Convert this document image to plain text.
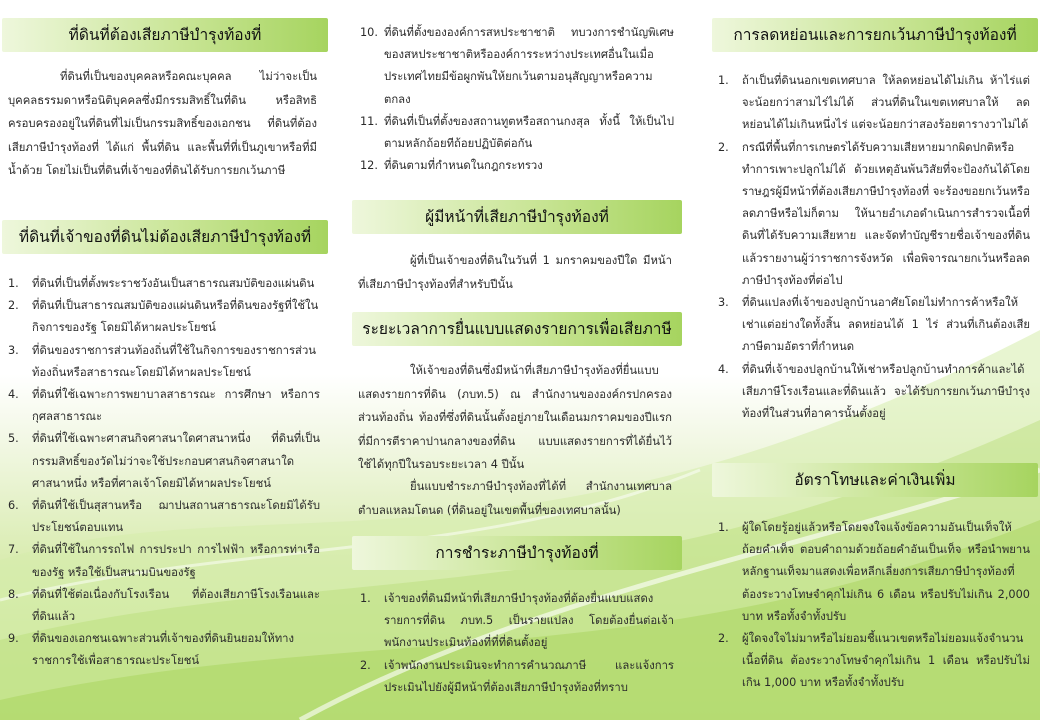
ที่ดินที่ต้องเสียภาษีบำรุงท้องที่
ที่ดินที่เป็นของบุคคลหรือคณะบุคคล ไม่ว่าจะเป็นบุคคลธรรมดาหรือนิติบุคคลซึ่งมีกรรมสิทธิ์ในที่ดิน หรือสิทธิครอบครองอยู่ในที่ดินที่ไม่เป็นกรรมสิทธิ์ของเอกชน ที่ดินที่ต้องเสียภาษีบำรุงท้องที่ ได้แก่ พื้นที่ดิน และพื้นที่ที่เป็นภูเขาหรือที่มีน้ำด้วย โดยไม่เป็นที่ดินที่เจ้าของที่ดินได้รับการยกเว้นภาษี
ที่ดินที่เจ้าของที่ดินไม่ต้องเสียภาษีบำรุงท้องที่
1. ที่ดินที่เป็นที่ตั้งพระราชวังอันเป็นสาธารณสมบัติของแผ่นดิน
2. ที่ดินที่เป็นสาธารณสมบัติของแผ่นดินหรือที่ดินของรัฐที่ใช้ในกิจการของรัฐ โดยมิได้หาผลประโยชน์
3. ที่ดินของราชการส่วนท้องถิ่นที่ใช้ในกิจการของราชการส่วนท้องถิ่นหรือสาธารณะโดยมิได้หาผลประโยชน์
4. ที่ดินที่ใช้เฉพาะการพยาบาลสาธารณะ การศึกษา หรือการกุศลสาธารณะ
5. ที่ดินที่ใช้เฉพาะศาสนกิจศาสนาใดศาสนาหนึ่ง ที่ดินที่เป็นกรรมสิทธิ์ของวัดไม่ว่าจะใช้ประกอบศาสนกิจศาสนาใดศาสนาหนึ่ง หรือที่ศาลเจ้าโดยมิได้หาผลประโยชน์
6. ที่ดินที่ใช้เป็นสุสานหรือ ฌาปนสถานสาธารณะโดยมิได้รับประโยชน์ตอบแทน
7. ที่ดินที่ใช้ในการรถไฟ การประปา การไฟฟ้า หรือการท่าเรือของรัฐ หรือใช้เป็นสนามบินของรัฐ
8. ที่ดินที่ใช้ต่อเนื่องกับโรงเรือน ที่ต้องเสียภาษีโรงเรือนและที่ดินแล้ว
9. ที่ดินของเอกชนเฉพาะส่วนที่เจ้าของที่ดินยินยอมให้ทางราชการใช้เพื่อสาธารณะประโยชน์
10. ที่ดินที่ตั้งขององค์การสหประชาชาติ ทบวงการชำนัญพิเศษของสหประชาชาติหรือองค์การระหว่างประเทศอื่นในเมื่อประเทศไทยมีข้อผูกพันให้ยกเว้นตามอนุสัญญาหรือความตกลง
11. ที่ดินที่เป็นที่ตั้งของสถานทูตหรือสถานกงสุล ทั้งนี้ ให้เป็นไปตามหลักถ้อยทีถ้อยปฏิบัติต่อกัน
12. ที่ดินตามที่กำหนดในกฎกระทรวง
ผู้มีหน้าที่เสียภาษีบำรุงท้องที่
ผู้ที่เป็นเจ้าของที่ดินในวันที่ 1 มกราคมของปีใด มีหน้าที่เสียภาษีบำรุงท้องที่สำหรับปีนั้น
ระยะเวลาการยื่นแบบแสดงรายการเพื่อเสียภาษี
ให้เจ้าของที่ดินซึ่งมีหน้าที่เสียภาษีบำรุงท้องที่ยื่นแบบแสดงรายการที่ดิน (ภบท.5) ณ สำนักงานขององค์กรปกครอง ส่วนท้องถิ่น ท้องที่ซึ่งที่ดินนั้นตั้งอยู่ภายในเดือนมกราคมของปีแรกที่มีการตีราคาปานกลางของที่ดิน แบบแสดงรายการที่ได้ยื่นไว้ใช้ได้ทุกปีในรอบระยะเวลา 4 ปีนั้น
ยื่นแบบชำระภาษีบำรุงท้องที่ได้ที่ สำนักงานเทศบาลตำบลแหลมโตนด (ที่ดินอยู่ในเขตพื้นที่ของเทศบาลนั้น)
การชำระภาษีบำรุงท้องที่
1. เจ้าของที่ดินมีหน้าที่เสียภาษีบำรุงท้องที่ต้องยื่นแบบแสดงรายการที่ดิน ภบท.5 เป็นรายแปลง โดยต้องยื่นต่อเจ้าพนักงานประเมินท้องที่ที่ที่ดินตั้งอยู่
2. เจ้าพนักงานประเมินจะทำการคำนวณภาษี และแจ้งการประเมินไปยังผู้มีหน้าที่ต้องเสียภาษีบำรุงท้องที่ทราบ
การลดหย่อนและการยกเว้นภาษีบำรุงท้องที่
1. ถ้าเป็นที่ดินนอกเขตเทศบาล ให้ลดหย่อนได้ไม่เกิน ห้าไร่แต่จะน้อยกว่าสามไร่ไม่ได้ ส่วนที่ดินในเขตเทศบาลให้ ลดหย่อนได้ไม่เกินหนึ่งไร่ แต่จะน้อยกว่าสองร้อยตารางวาไม่ได้
2. กรณีที่พื้นที่การเกษตรได้รับความเสียหายมากผิดปกติหรือทำการเพาะปลูกไม่ได้ ด้วยเหตุอันพ้นวิสัยที่จะป้องกันได้โดยราษฎรผู้มีหน้าที่ต้องเสียภาษีบำรุงท้องที่ จะร้องขอยกเว้นหรือลดภาษีหรือไม่ก็ตาม ให้นายอำเภอดำเนินการสำรวจเนื้อที่ดินที่ได้รับความเสียหาย และจัดทำบัญชีรายชื่อเจ้าของที่ดินแล้วรายงานผู้ว่าราชการจังหวัด เพื่อพิจารณายกเว้นหรือลดภาษีบำรุงท้องที่ต่อไป
3. ที่ดินแปลงที่เจ้าของปลูกบ้านอาศัยโดยไม่ทำการค้าหรือให้เช่าแต่อย่างใดทั้งสิ้น ลดหย่อนได้ 1 ไร่ ส่วนที่เกินต้องเสียภาษีตามอัตราที่กำหนด
4. ที่ดินที่เจ้าของปลูกบ้านให้เช่าหรือปลูกบ้านทำการค้าและได้เสียภาษีโรงเรือนและที่ดินแล้ว จะได้รับการยกเว้นภาษีบำรุงท้องที่ในส่วนที่อาคารนั้นตั้งอยู่
อัตราโทษและค่าเงินเพิ่ม
1. ผู้ใดโดยรู้อยู่แล้วหรือโดยจงใจแจ้งข้อความอันเป็นเท็จให้ถ้อยคำเท็จ ตอบคำถามด้วยถ้อยคำอันเป็นเท็จ หรือนำพยานหลักฐานเท็จมาแสดงเพื่อหลีกเลี่ยงการเสียภาษีบำรุงท้องที่ ต้องระวางโทษจำคุกไม่เกิน 6 เดือน หรือปรับไม่เกิน 2,000 บาท หรือทั้งจำทั้งปรับ
2. ผู้ใดจงใจไม่มาหรือไม่ยอมชี้แนวเขตหรือไม่ยอมแจ้งจำนวนเนื้อที่ดิน ต้องระวางโทษจำคุกไม่เกิน 1 เดือน หรือปรับไม่เกิน 1,000 บาท หรือทั้งจำทั้งปรับ
